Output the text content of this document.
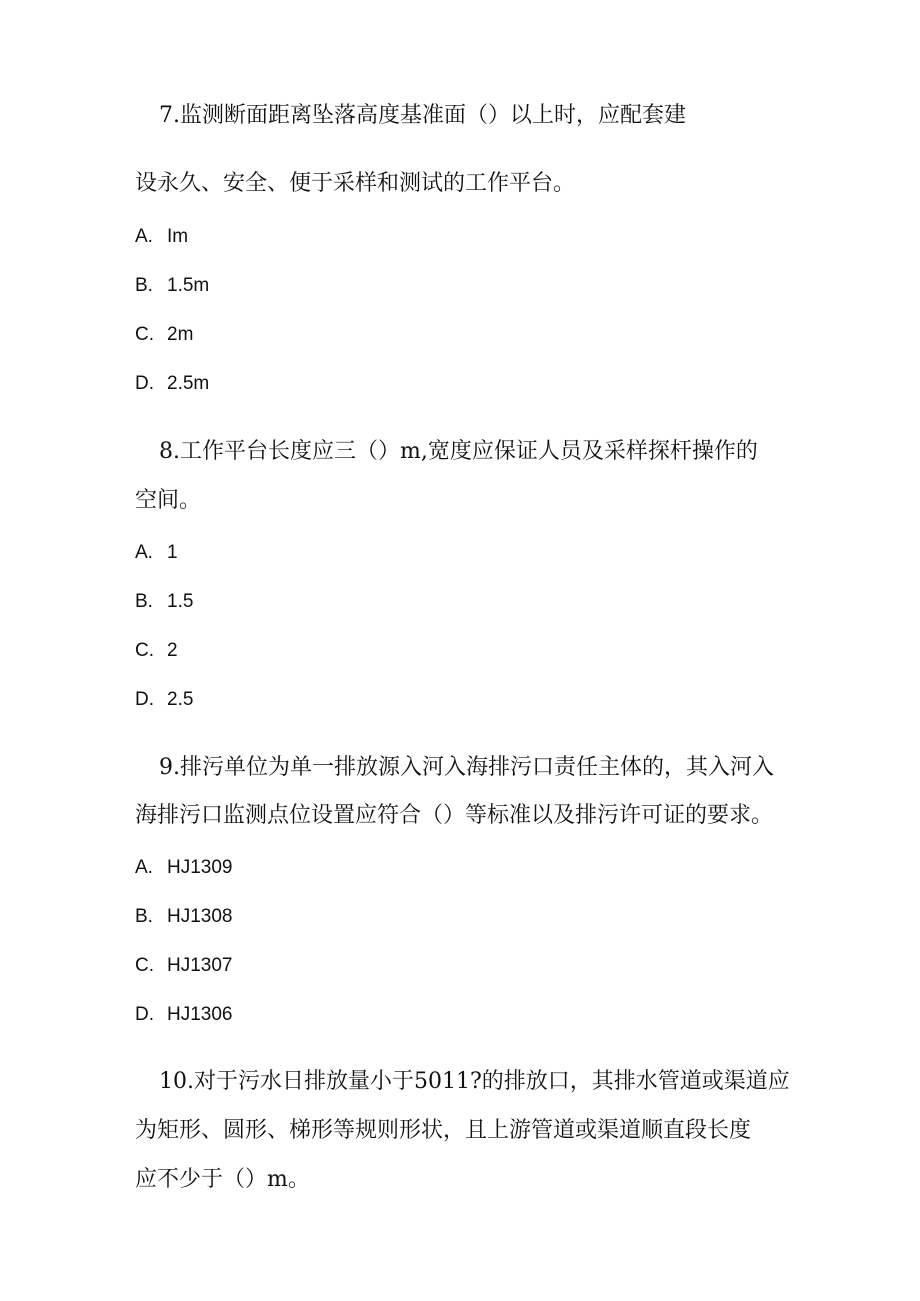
7.监测断面距离坠落高度基准面（）以上时，应配套建
设永久、安全、便于采样和测试的工作平台。
A. Im
B. 1.5m
C. 2m
D. 2.5m
8.工作平台长度应三（）m,宽度应保证人员及采样探杆操作的
空间。
A. 1
B. 1.5
C. 2
D. 2.5
9.排污单位为单一排放源入河入海排污口责任主体的，其入河入
海排污口监测点位设置应符合（）等标准以及排污许可证的要求。
A. HJ1309
B. HJ1308
C. HJ1307
D. HJ1306
10.对于污水日排放量小于5011?的排放口，其排水管道或渠道应
为矩形、圆形、梯形等规则形状，且上游管道或渠道顺直段长度
应不少于（）m。
